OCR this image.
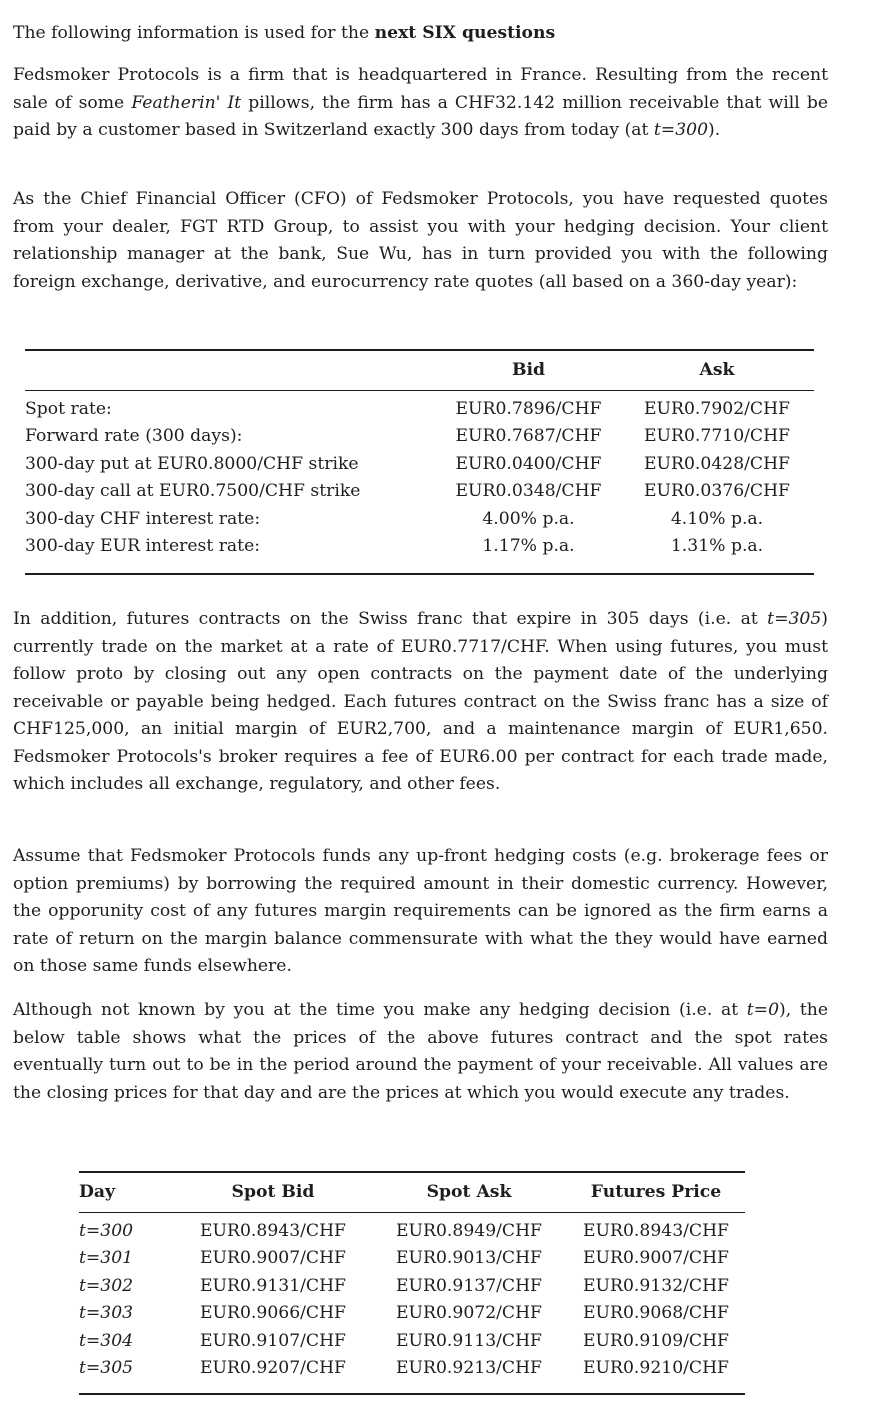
The following information is used for the next SIX questions

Fedsmoker Protocols is a firm that is headquartered in France. Resulting from the recent sale of some Featherin' It pillows, the firm has a CHF32.142 million receivable that will be paid by a customer based in Switzerland exactly 300 days from today (at t=300).

As the Chief Financial Officer (CFO) of Fedsmoker Protocols, you have requested quotes from your dealer, FGT RTD Group, to assist you with your hedging decision. Your client relationship manager at the bank, Sue Wu, has in turn provided you with the following foreign exchange, derivative, and eurocurrency rate quotes (all based on a 360-day year):

	Bid	Ask
Spot rate:	EUR0.7896/CHF	EUR0.7902/CHF
Forward rate (300 days):	EUR0.7687/CHF	EUR0.7710/CHF
300-day put at EUR0.8000/CHF strike	EUR0.0400/CHF	EUR0.0428/CHF
300-day call at EUR0.7500/CHF strike	EUR0.0348/CHF	EUR0.0376/CHF
300-day CHF interest rate:	4.00% p.a.	4.10% p.a.
300-day EUR interest rate:	1.17% p.a.	1.31% p.a.

In addition, futures contracts on the Swiss franc that expire in 305 days (i.e. at t=305) currently trade on the market at a rate of EUR0.7717/CHF. When using futures, you must follow proto by closing out any open contracts on the payment date of the underlying receivable or payable being hedged. Each futures contract on the Swiss franc has a size of CHF125,000, an initial margin of EUR2,700, and a maintenance margin of EUR1,650. Fedsmoker Protocols's broker requires a fee of EUR6.00 per contract for each trade made, which includes all exchange, regulatory, and other fees.

Assume that Fedsmoker Protocols funds any up-front hedging costs (e.g. brokerage fees or option premiums) by borrowing the required amount in their domestic currency. However, the opporunity cost of any futures margin requirements can be ignored as the firm earns a rate of return on the margin balance commensurate with what the they would have earned on those same funds elsewhere.

Although not known by you at the time you make any hedging decision (i.e. at t=0), the below table shows what the prices of the above futures contract and the spot rates eventually turn out to be in the period around the payment of your receivable. All values are the closing prices for that day and are the prices at which you would execute any trades.

Day	Spot Bid	Spot Ask	Futures Price
t=300	EUR0.8943/CHF	EUR0.8949/CHF	EUR0.8943/CHF
t=301	EUR0.9007/CHF	EUR0.9013/CHF	EUR0.9007/CHF
t=302	EUR0.9131/CHF	EUR0.9137/CHF	EUR0.9132/CHF
t=303	EUR0.9066/CHF	EUR0.9072/CHF	EUR0.9068/CHF
t=304	EUR0.9107/CHF	EUR0.9113/CHF	EUR0.9109/CHF
t=305	EUR0.9207/CHF	EUR0.9213/CHF	EUR0.9210/CHF
